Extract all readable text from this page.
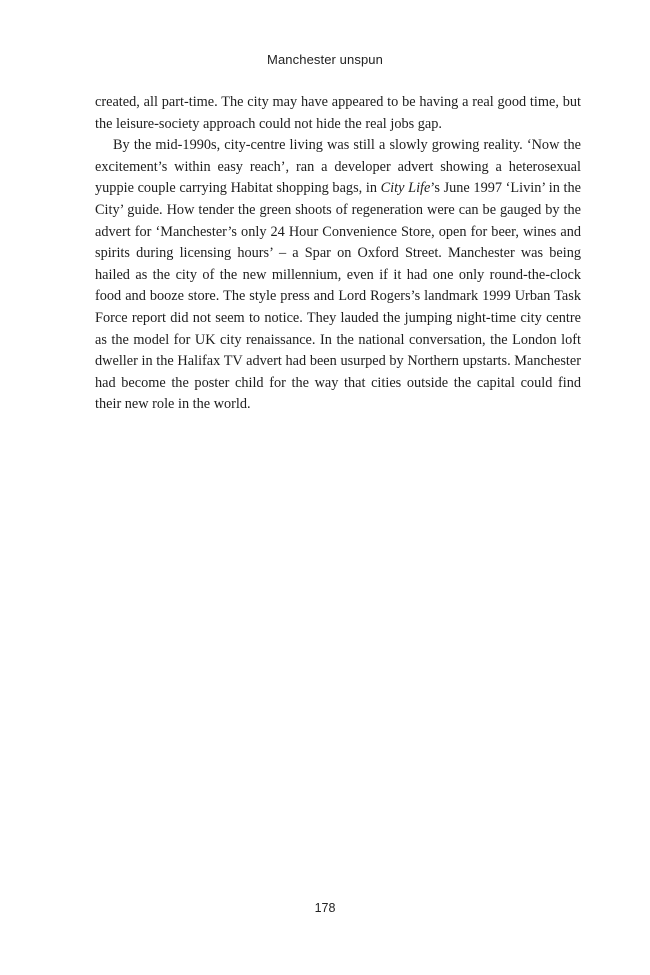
Manchester unspun

created, all part-time. The city may have appeared to be having a real good time, but the leisure-society approach could not hide the real jobs gap.

By the mid-1990s, city-centre living was still a slowly growing reality. ‘Now the excitement’s within easy reach’, ran a developer advert showing a heterosexual yuppie couple carrying Habitat shopping bags, in City Life’s June 1997 ‘Livin’ in the City’ guide. How tender the green shoots of regeneration were can be gauged by the advert for ‘Manchester’s only 24 Hour Convenience Store, open for beer, wines and spirits during licensing hours’ – a Spar on Oxford Street. Manchester was being hailed as the city of the new millennium, even if it had one only round-the-clock food and booze store. The style press and Lord Rogers’s landmark 1999 Urban Task Force report did not seem to notice. They lauded the jumping night-time city centre as the model for UK city renaissance. In the national conversation, the London loft dweller in the Halifax TV advert had been usurped by Northern upstarts. Manchester had become the poster child for the way that cities outside the capital could find their new role in the world.

178
